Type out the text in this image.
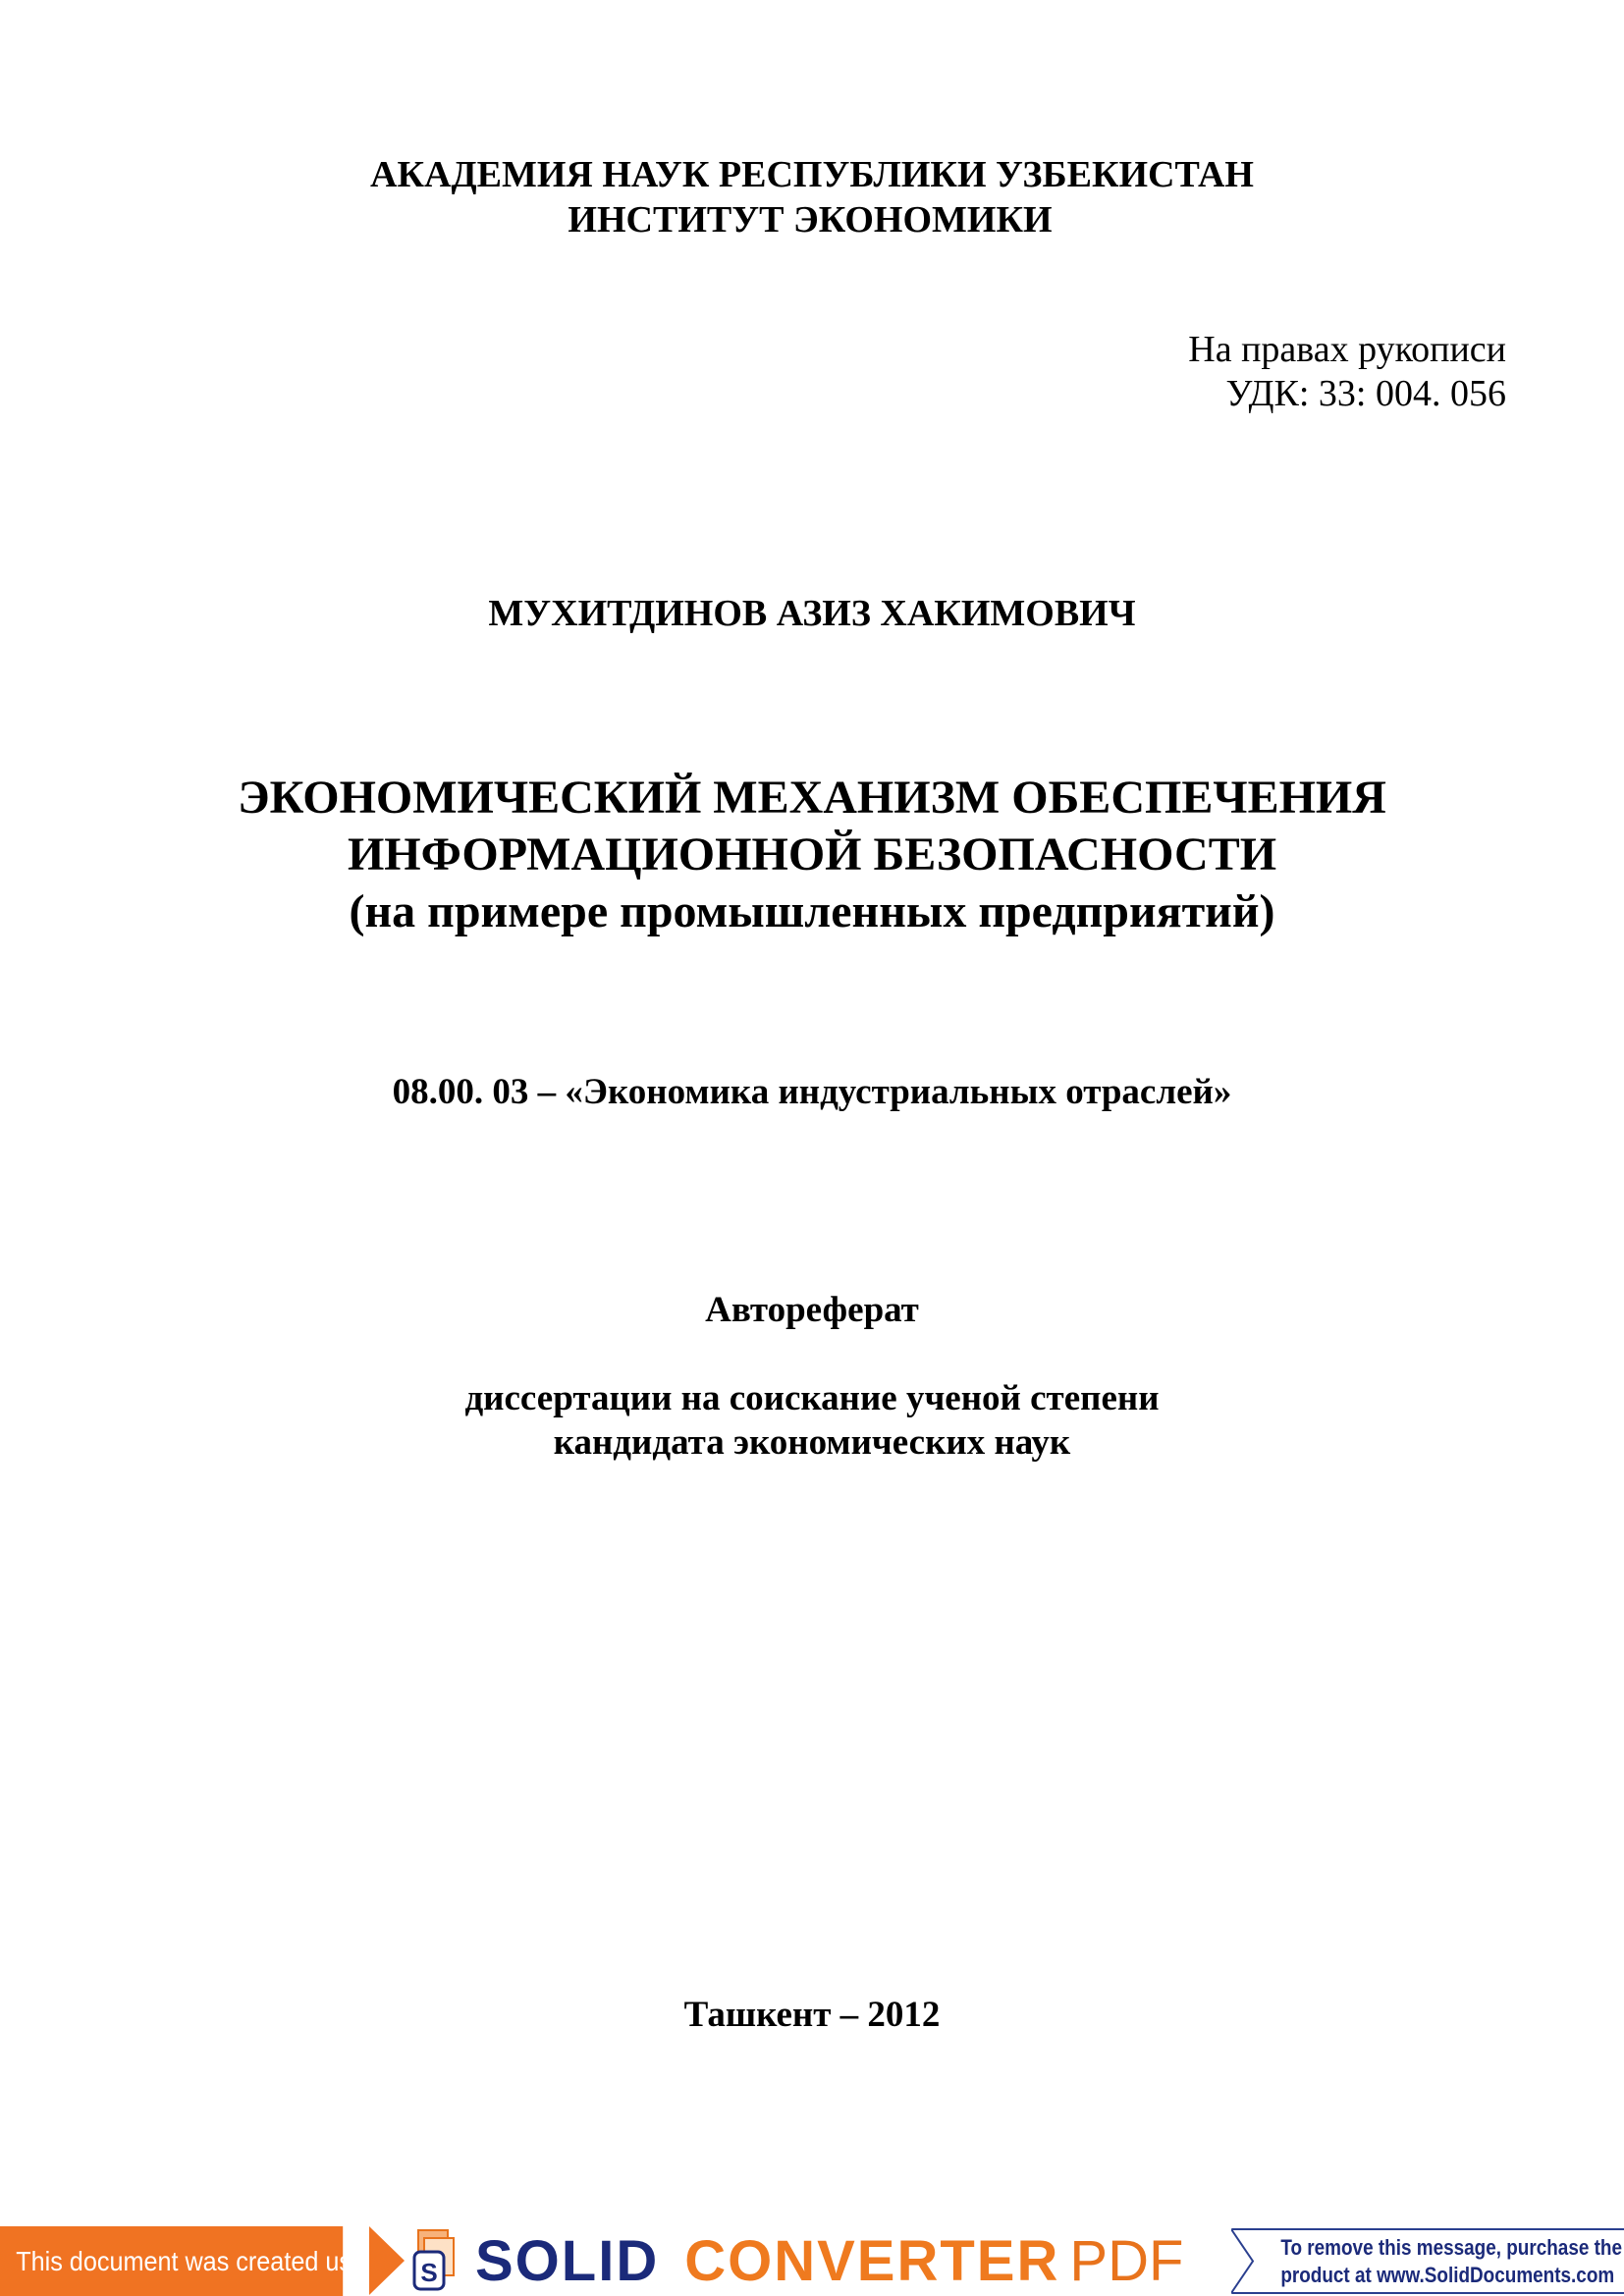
АКАДЕМИЯ НАУК РЕСПУБЛИКИ УЗБЕКИСТАН
ИНСТИТУТ ЭКОНОМИКИ
На правах рукописи
УДК: 33: 004. 056
МУХИТДИНОВ АЗИЗ ХАКИМОВИЧ
ЭКОНОМИЧЕСКИЙ МЕХАНИЗМ ОБЕСПЕЧЕНИЯ
ИНФОРМАЦИОННОЙ БЕЗОПАСНОСТИ
(на примере промышленных предприятий)
08.00. 03 – «Экономика индустриальных отраслей»
Автореферат
диссертации на соискание ученой степени
кандидата экономических наук
Ташкент – 2012
This document was created using S SOLID CONVERTER PDF	To remove this message, purchase the
product at www.SolidDocuments.com
